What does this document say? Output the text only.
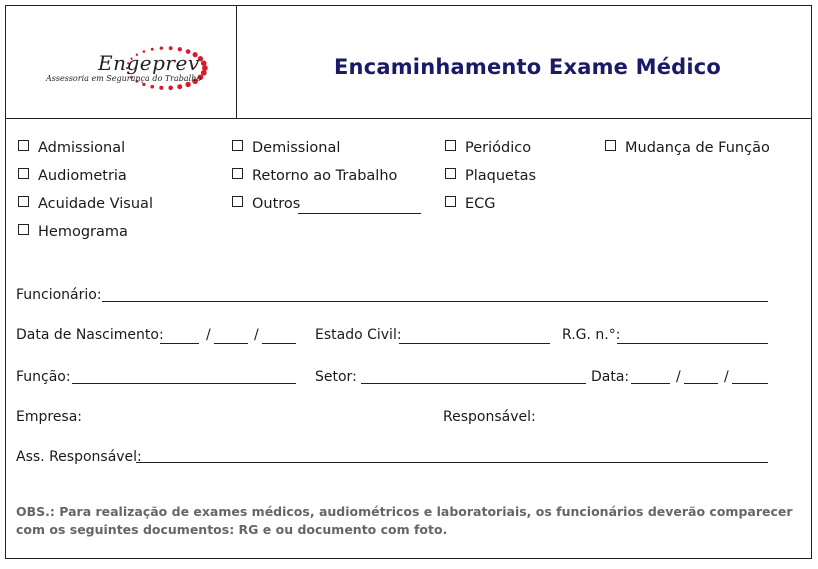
Engeprev
Assessoria em Segurança do Trabalho	Encaminhamento Exame Médico
Admissional	Demissional	Periódico	Mudança de Função
Audiometria	Retorno ao Trabalho	Plaquetas
Acuidade Visual	Outros	ECG
Hemograma
Funcionário:
Data de Nascimento:	/	/	Estado Civil:	R.G. n.°:
Função:	Setor:	Data:	/	/
Empresa:	Responsável:
Ass. Responsável:
OBS.: Para realização de exames médicos, audiométricos e laboratoriais, os funcionários deverão comparecer com os seguintes documentos: RG e ou documento com foto.
